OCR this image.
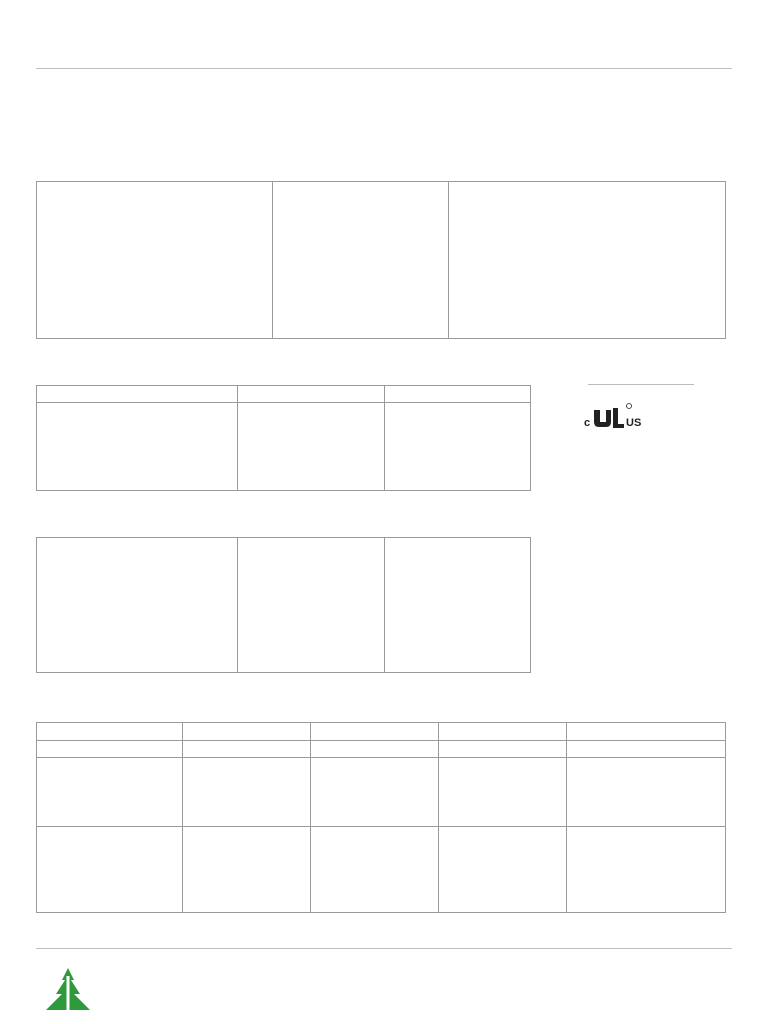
c	US
